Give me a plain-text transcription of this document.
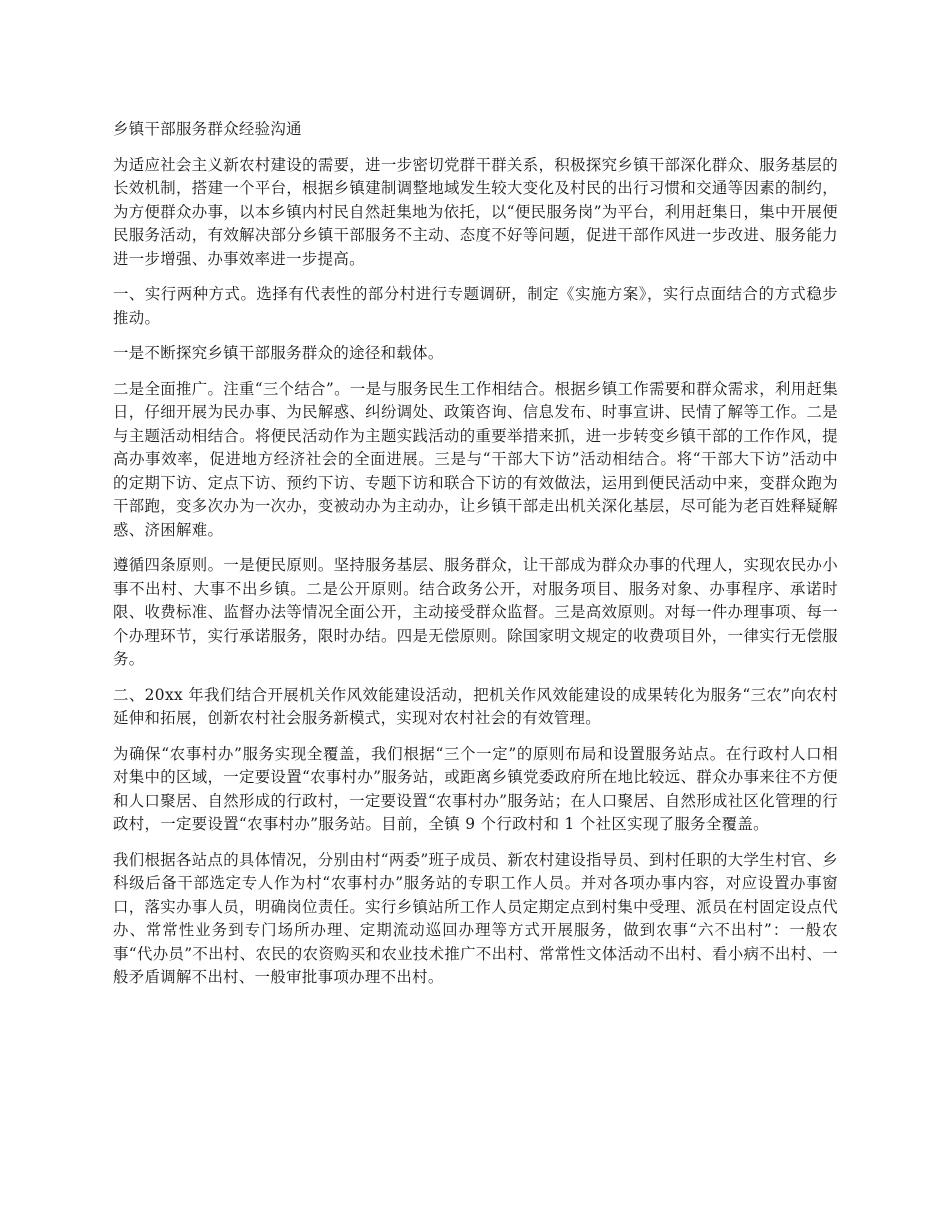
乡镇干部服务群众经验沟通

为适应社会主义新农村建设的需要，进一步密切党群干群关系，积极探究乡镇干部深化群众、服务基层的长效机制，搭建一个平台，根据乡镇建制调整地域发生较大变化及村民的出行习惯和交通等因素的制约，为方便群众办事，以本乡镇内村民自然赶集地为依托，以“便民服务岗”为平台，利用赶集日，集中开展便民服务活动，有效解决部分乡镇干部服务不主动、态度不好等问题，促进干部作风进一步改进、服务能力进一步增强、办事效率进一步提高。

一、实行两种方式。选择有代表性的部分村进行专题调研，制定《实施方案》，实行点面结合的方式稳步推动。

一是不断探究乡镇干部服务群众的途径和载体。

二是全面推广。注重“三个结合”。一是与服务民生工作相结合。根据乡镇工作需要和群众需求，利用赶集日，仔细开展为民办事、为民解惑、纠纷调处、政策咨询、信息发布、时事宣讲、民情了解等工作。二是与主题活动相结合。将便民活动作为主题实践活动的重要举措来抓，进一步转变乡镇干部的工作作风，提高办事效率，促进地方经济社会的全面进展。三是与“干部大下访”活动相结合。将“干部大下访”活动中的定期下访、定点下访、预约下访、专题下访和联合下访的有效做法，运用到便民活动中来，变群众跑为干部跑，变多次办为一次办，变被动办为主动办，让乡镇干部走出机关深化基层，尽可能为老百姓释疑解惑、济困解难。

遵循四条原则。一是便民原则。坚持服务基层、服务群众，让干部成为群众办事的代理人，实现农民办小事不出村、大事不出乡镇。二是公开原则。结合政务公开，对服务项目、服务对象、办事程序、承诺时限、收费标准、监督办法等情况全面公开，主动接受群众监督。三是高效原则。对每一件办理事项、每一个办理环节，实行承诺服务，限时办结。四是无偿原则。除国家明文规定的收费项目外，一律实行无偿服务。

二、20xx 年我们结合开展机关作风效能建设活动，把机关作风效能建设的成果转化为服务“三农”向农村延伸和拓展，创新农村社会服务新模式，实现对农村社会的有效管理。

为确保“农事村办”服务实现全覆盖，我们根据“三个一定”的原则布局和设置服务站点。在行政村人口相对集中的区域，一定要设置“农事村办”服务站，或距离乡镇党委政府所在地比较远、群众办事来往不方便和人口聚居、自然形成的行政村，一定要设置“农事村办”服务站；在人口聚居、自然形成社区化管理的行政村，一定要设置“农事村办”服务站。目前，全镇 9 个行政村和 1 个社区实现了服务全覆盖。

我们根据各站点的具体情况，分别由村“两委”班子成员、新农村建设指导员、到村任职的大学生村官、乡科级后备干部选定专人作为村“农事村办”服务站的专职工作人员。并对各项办事内容，对应设置办事窗口，落实办事人员，明确岗位责任。实行乡镇站所工作人员定期定点到村集中受理、派员在村固定设点代办、常常性业务到专门场所办理、定期流动巡回办理等方式开展服务，做到农事“六不出村”：一般农事“代办员”不出村、农民的农资购买和农业技术推广不出村、常常性文体活动不出村、看小病不出村、一般矛盾调解不出村、一般审批事项办理不出村。
